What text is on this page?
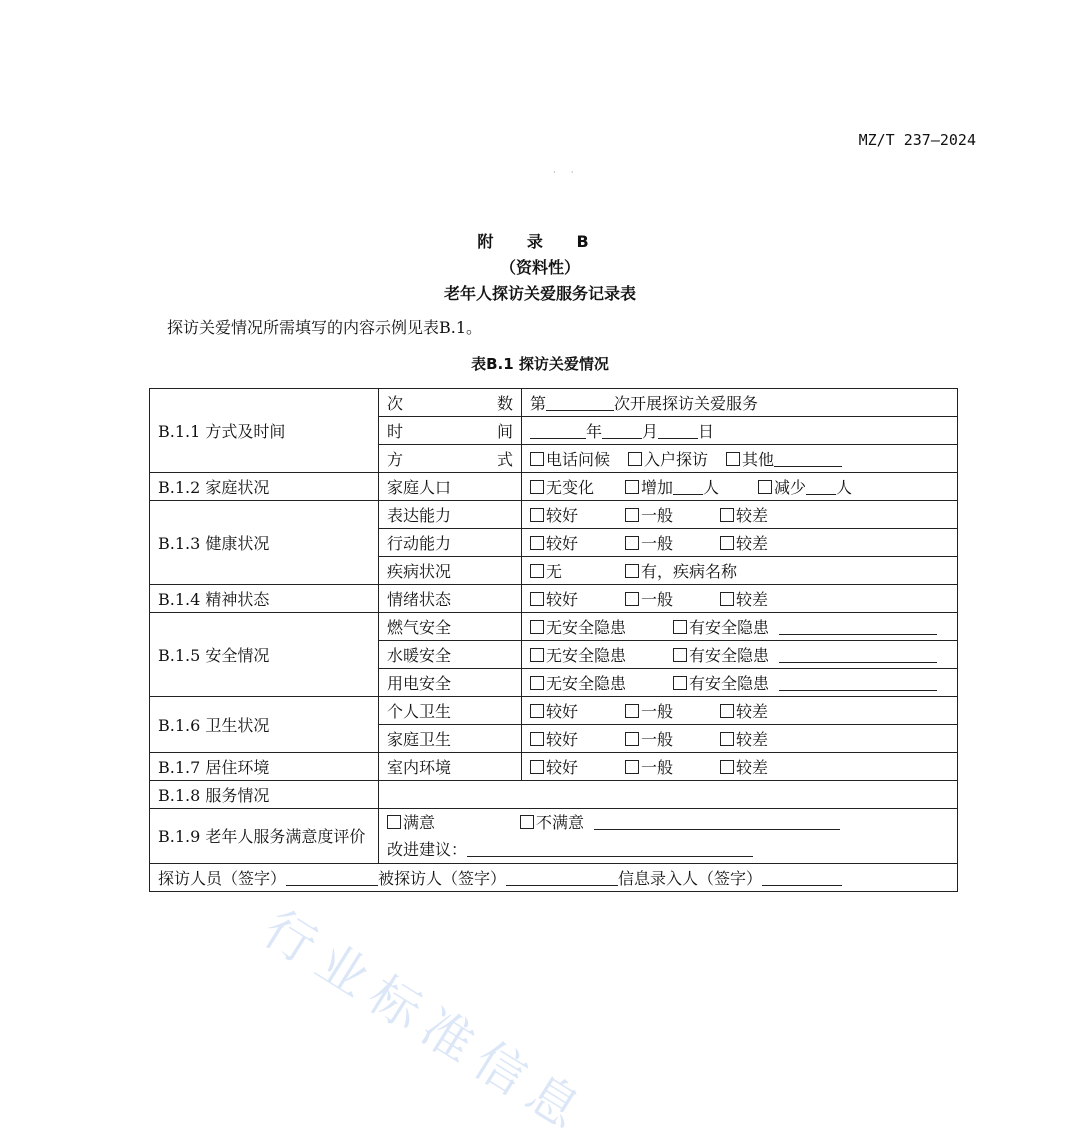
MZ/T 237—2024
· ·
附 录 B
（资料性）
老年人探访关爱服务记录表
探访关爱情况所需填写的内容示例见表B.1。
表B.1 探访关爱情况
B.1.1 方式及时间	次 数	第 次开展探访关爱服务
	时 间	年 月 日
	方 式	电话问候 入户探访 其他
B.1.2 家庭状况	家庭人口	无变化 增加 人 减少 人
B.1.3 健康状况	表达能力	较好 一般 较差
	行动能力	较好 一般 较差
	疾病状况	无 有，疾病名称
B.1.4 精神状态	情绪状态	较好 一般 较差
B.1.5 安全情况	燃气安全	无安全隐患 有安全隐患
	水暖安全	无安全隐患 有安全隐患
	用电安全	无安全隐患 有安全隐患
B.1.6 卫生状况	个人卫生	较好 一般 较差
	家庭卫生	较好 一般 较差
B.1.7 居住环境	室内环境	较好 一般 较差
B.1.8 服务情况		
B.1.9 老年人服务满意度评价	满意 不满意
改进建议：	

探访人员（签字） 被探访人（签字） 信息录入人（签字）		
行业标准信息
